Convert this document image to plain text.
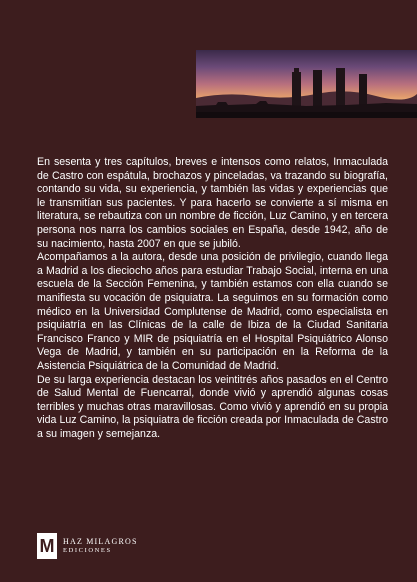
En sesenta y tres capítulos, breves e intensos como relatos, Inmaculada de Castro con espátula, brochazos y pinceladas, va trazando su biografía, contando su vida, su experiencia, y también las vidas y experiencias que le transmitían sus pacientes. Y para hacerlo se convierte a sí misma en literatura, se rebautiza con un nombre de ficción, Luz Camino, y en tercera persona nos narra los cambios sociales en España, desde 1942, año de su nacimiento, hasta 2007 en que se jubiló.

Acompañamos a la autora, desde una posición de privilegio, cuando llega a Madrid a los dieciocho años para estudiar Trabajo Social, interna en una escuela de la Sección Femenina, y también estamos con ella cuando se manifiesta su vocación de psiquiatra. La seguimos en su formación como médico en la Universidad Complutense de Madrid, como especialista en psiquiatría en las Clínicas de la calle de Ibiza de la Ciudad Sanitaria Francisco Franco y MIR de psiquiatría en el Hospital Psiquiátrico Alonso Vega de Madrid, y también en su participación en la Reforma de la Asistencia Psiquiátrica de la Comunidad de Madrid.

De su larga experiencia destacan los veintitrés años pasados en el Centro de Salud Mental de Fuencarral, donde vivió y aprendió algunas cosas terribles y muchas otras maravillosas. Como vivió y aprendió en su propia vida Luz Camino, la psiquiatra de ficción creada por Inmaculada de Castro a su imagen y semejanza.

M	HAZ MILAGROS
EDICIONES
